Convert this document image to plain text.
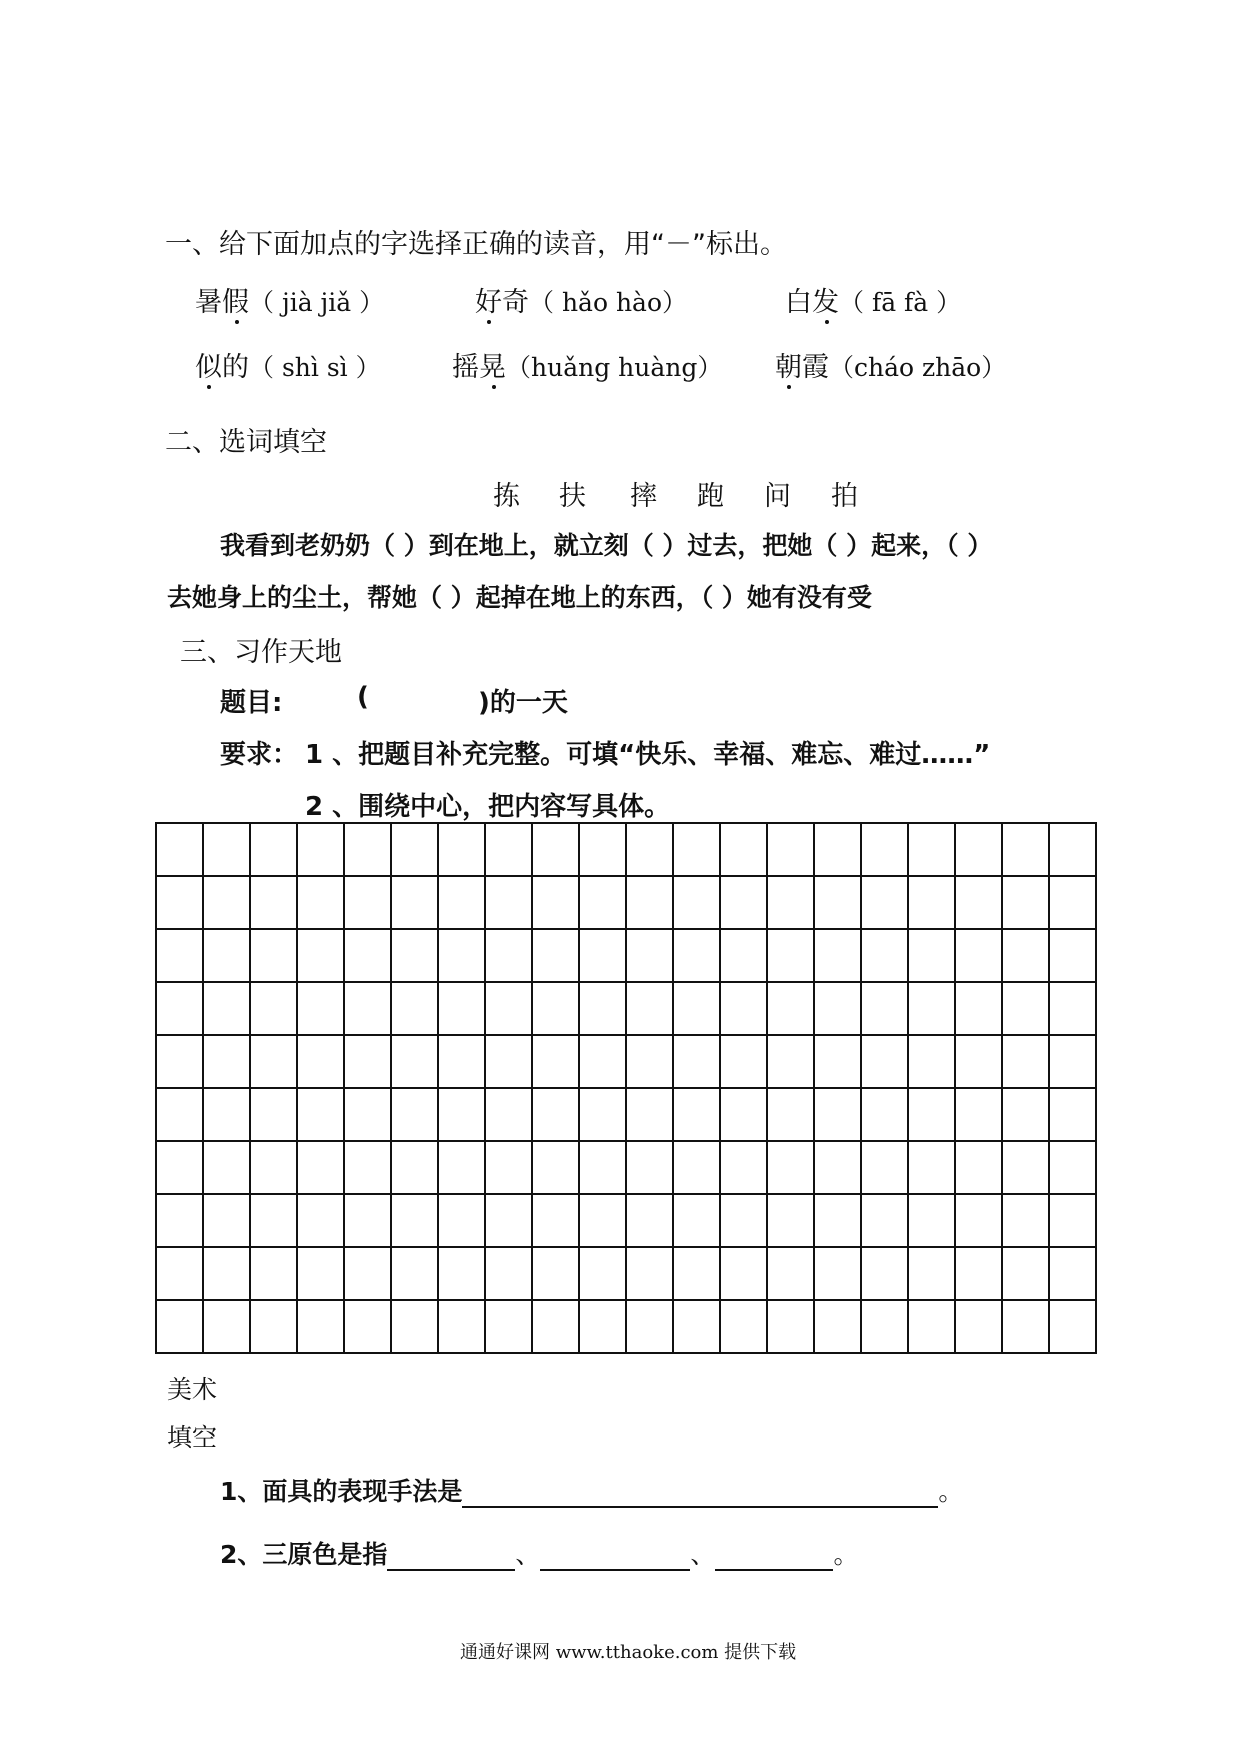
一、给下面加点的字选择正确的读音，用“－”标出。
暑假（ jià jiǎ ）	好奇（ hǎo hào）	白发（ fā fà ）
似的（ shì sì ）	摇晃（huǎng huàng） 朝霞（cháo zhāo）
二、选词填空
拣 扶 摔 跑 问 拍
我看到老奶奶（ ）到在地上，就立刻（ ）过去，把她（ ）起来，（ ）
去她身上的尘土，帮她（ ）起掉在地上的东西，（ ）她有没有受
三、习作天地
题目:	(	)的一天
要求： 1 、把题目补充完整。可填“快乐、幸福、难忘、难过……”
2 、围绕中心，把内容写具体。
美术
填空
1、面具的表现手法是	。
2、三原色是指	、	、	。
通通好课网 www.tthaoke.com 提供下载
